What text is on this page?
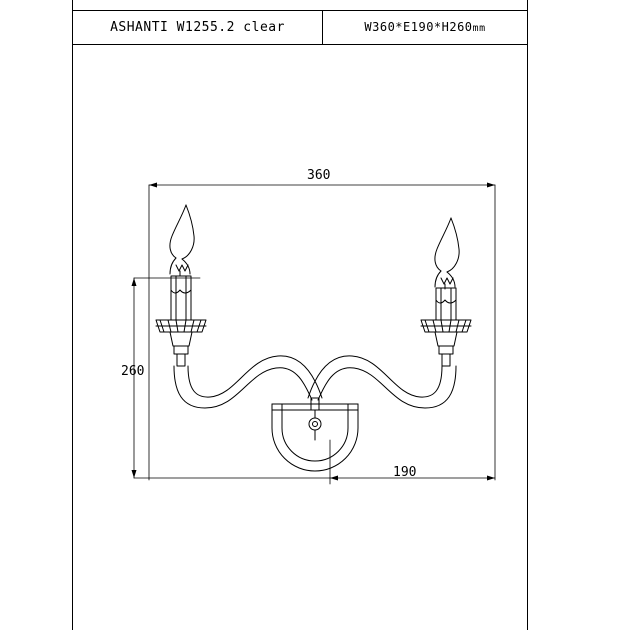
ASHANTI W1255.2 clear	W360*E190*H260mm
360
260
190
